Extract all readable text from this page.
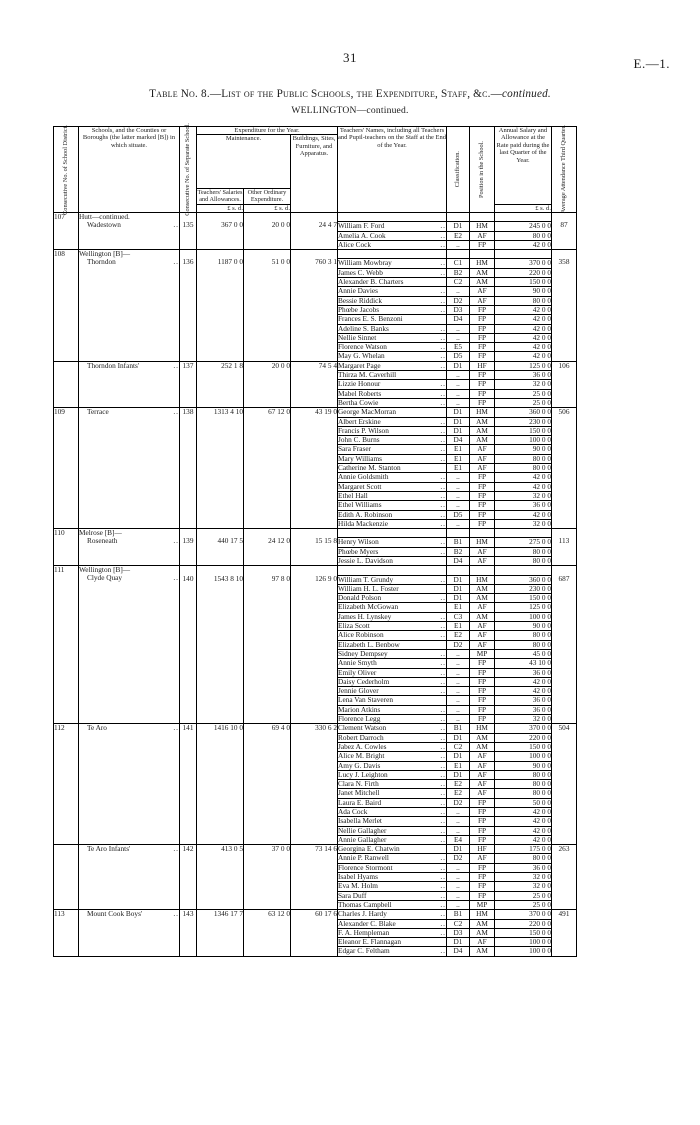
31	E.—1.
Table No. 8.—List of the Public Schools, the Expenditure, Staff, &c.—continued.
WELLINGTON—continued.
Consecutive No. of School District.	Schools, and the Counties or Boroughs (the latter marked [B]) in which situate.	Consecutive No. of Separate School.	Expenditure for the Year.			Teachers' Names, including all Teachers and Pupil-teachers on the Staff at the End of the Year.	Classification.	Position in the School.	Annual Salary and Allowance at the Rate paid during the last Quarter of the Year.	Average Attendance Third Quarter.

			Maintenance.		Buildings, Sites, Furniture, and Apparatus.					
			Teachers' Salaries and Allowances.	Other Ordinary Expenditure.						
			£ s. d.	£ s. d.					£ s. d.	
107	Hutt—continued.
Wadestown ..	135	367 0 0	20 0 0	24 4 7					87

						William F. Ford ..	D1	HM	245 0 0	
						Amelia A. Cook ..	E2	AF	80 0 0	
						Alice Cock ..	..	FP	42 0 0	
108	Wellington [B]—
Thorndon ..	136	1187 0 0	51 0 0	760 3 1					358

						William Mowbray ..	C1	HM	370 0 0	
						James C. Webb ..	B2	AM	220 0 0	
						Alexander B. Charters	C2	AM	150 0 0	
						Annie Davies ..	..	AF	90 0 0	
						Bessie Riddick ..	D2	AF	80 0 0	
						Phœbe Jacobs ..	D3	FP	42 0 0	
						Frances E. S. Benzoni	D4	FP	42 0 0	
						Adeline S. Banks ..	..	FP	42 0 0	
						Nellie Sinnet ..	..	FP	42 0 0	
						Florence Watson ..	E5	FP	42 0 0	
						May G. Whelan ..	D5	FP	42 0 0	

	Thorndon Infants' ..	137	252 1 8	20 0 0	74 5 4	Margaret Page ..	D1	HF	125 0 0	106

						Thirza M. Caverhill	..	FP	36 0 0	
						Lizzie Honour ..	..	FP	32 0 0	
						Mabel Roberts ..	..	FP	25 0 0	
						Bertha Cowie ..	..	FP	25 0 0	
109	Terrace ..	138	1313 4 10	67 12 0	43 19 0	George MacMorran	D1	HM	360 0 0	506

						Albert Erskine ..	D1	AM	230 0 0	
						Francis P. Wilson ..	D1	AM	150 0 0	
						John C. Burns ..	D4	AM	100 0 0	
						Sara Fraser ..	E1	AF	90 0 0	
						Mary Williams ..	E1	AF	80 0 0	
						Catherine M. Stanton	E1	AF	80 0 0	
						Annie Goldsmith ..	..	FP	42 0 0	
						Margaret Scott ..	..	FP	42 0 0	
						Ethel Hall ..	..	FP	32 0 0	
						Ethel Williams ..	..	FP	36 0 0	
						Edith A. Robinson ..	D5	FP	42 0 0	
						Hilda Mackenzie ..	..	FP	32 0 0	
110	Melrose [B]—
Roseneath ..	139	440 17 5	24 12 0	15 15 8					113

						Henry Wilson ..	B1	HM	275 0 0	
						Phœbe Myers ..	B2	AF	80 0 0	
						Jessie L. Davidson	D4	AF	80 0 0	
111	Wellington [B]—
Clyde Quay ..	140	1543 8 10	97 8 0	126 9 0					687

						William T. Grundy ..	D1	HM	360 0 0	
						William H. L. Foster	D1	AM	230 0 0	
						Donald Polson ..	D1	AM	150 0 0	
						Elizabeth McGowan	E1	AF	125 0 0	
						James H. Lynskey ..	C3	AM	100 0 0	
						Eliza Scott ..	E1	AF	90 0 0	
						Alice Robinson ..	E2	AF	80 0 0	
						Elizabeth L. Benbow	D2	AF	80 0 0	
						Sidney Dempsey ..	..	MP	45 0 0	
						Annie Smyth ..	..	FP	43 10 0	
						Emily Oliver ..	..	FP	36 0 0	
						Daisy Cederholm ..	..	FP	42 0 0	
						Jennie Glover ..	..	FP	42 0 0	
						Lena Van Staveren	..	FP	36 0 0	
						Marion Atkins ..	..	FP	36 0 0	
						Florence Legg ..	..	FP	32 0 0	
112	Te Aro ..	141	1416 10 0	69 4 0	330 6 2	Clement Watson ..	B1	HM	370 0 0	504

						Robert Darroch ..	D1	AM	220 0 0	
						Jabez A. Cowles ..	C2	AM	150 0 0	
						Alice M. Bright ..	D1	AF	100 0 0	
						Amy G. Davis ..	E1	AF	90 0 0	
						Lucy J. Leighton ..	D1	AF	80 0 0	
						Clara N. Firth ..	E2	AF	80 0 0	
						Janet Mitchell ..	E2	AF	80 0 0	
						Laura E. Baird ..	D2	FP	50 0 0	
						Ada Cock ..	..	FP	42 0 0	
						Isabella Merlet ..	..	FP	42 0 0	
						Nellie Gallagher ..	..	FP	42 0 0	
						Annie Gallagher ..	E4	FP	42 0 0	

	Te Aro Infants' ..	142	413 0 5	37 0 0	73 14 6	Georgina E. Chatwin	D1	HF	175 0 0	263

						Annie P. Ranwell ..	D2	AF	80 0 0	
						Florence Stormont ..	..	FP	36 0 0	
						Isabel Hyams ..	..	FP	32 0 0	
						Eva M. Holm ..	..	FP	32 0 0	
						Sara Duff ..	..	FP	25 0 0	
						Thomas Campbell ..	..	MP	25 0 0	
113	Mount Cook Boys' ..	143	1346 17 7	63 12 0	60 17 6	Charles J. Hardy ..	B1	HM	370 0 0	491

						Alexander C. Blake ..	C2	AM	220 0 0	
						F. A. Hempleman ..	D3	AM	150 0 0	
						Eleanor E. Flannagan	D1	AF	100 0 0	
						Edgar C. Feltham ..	D4	AM	100 0 0	
